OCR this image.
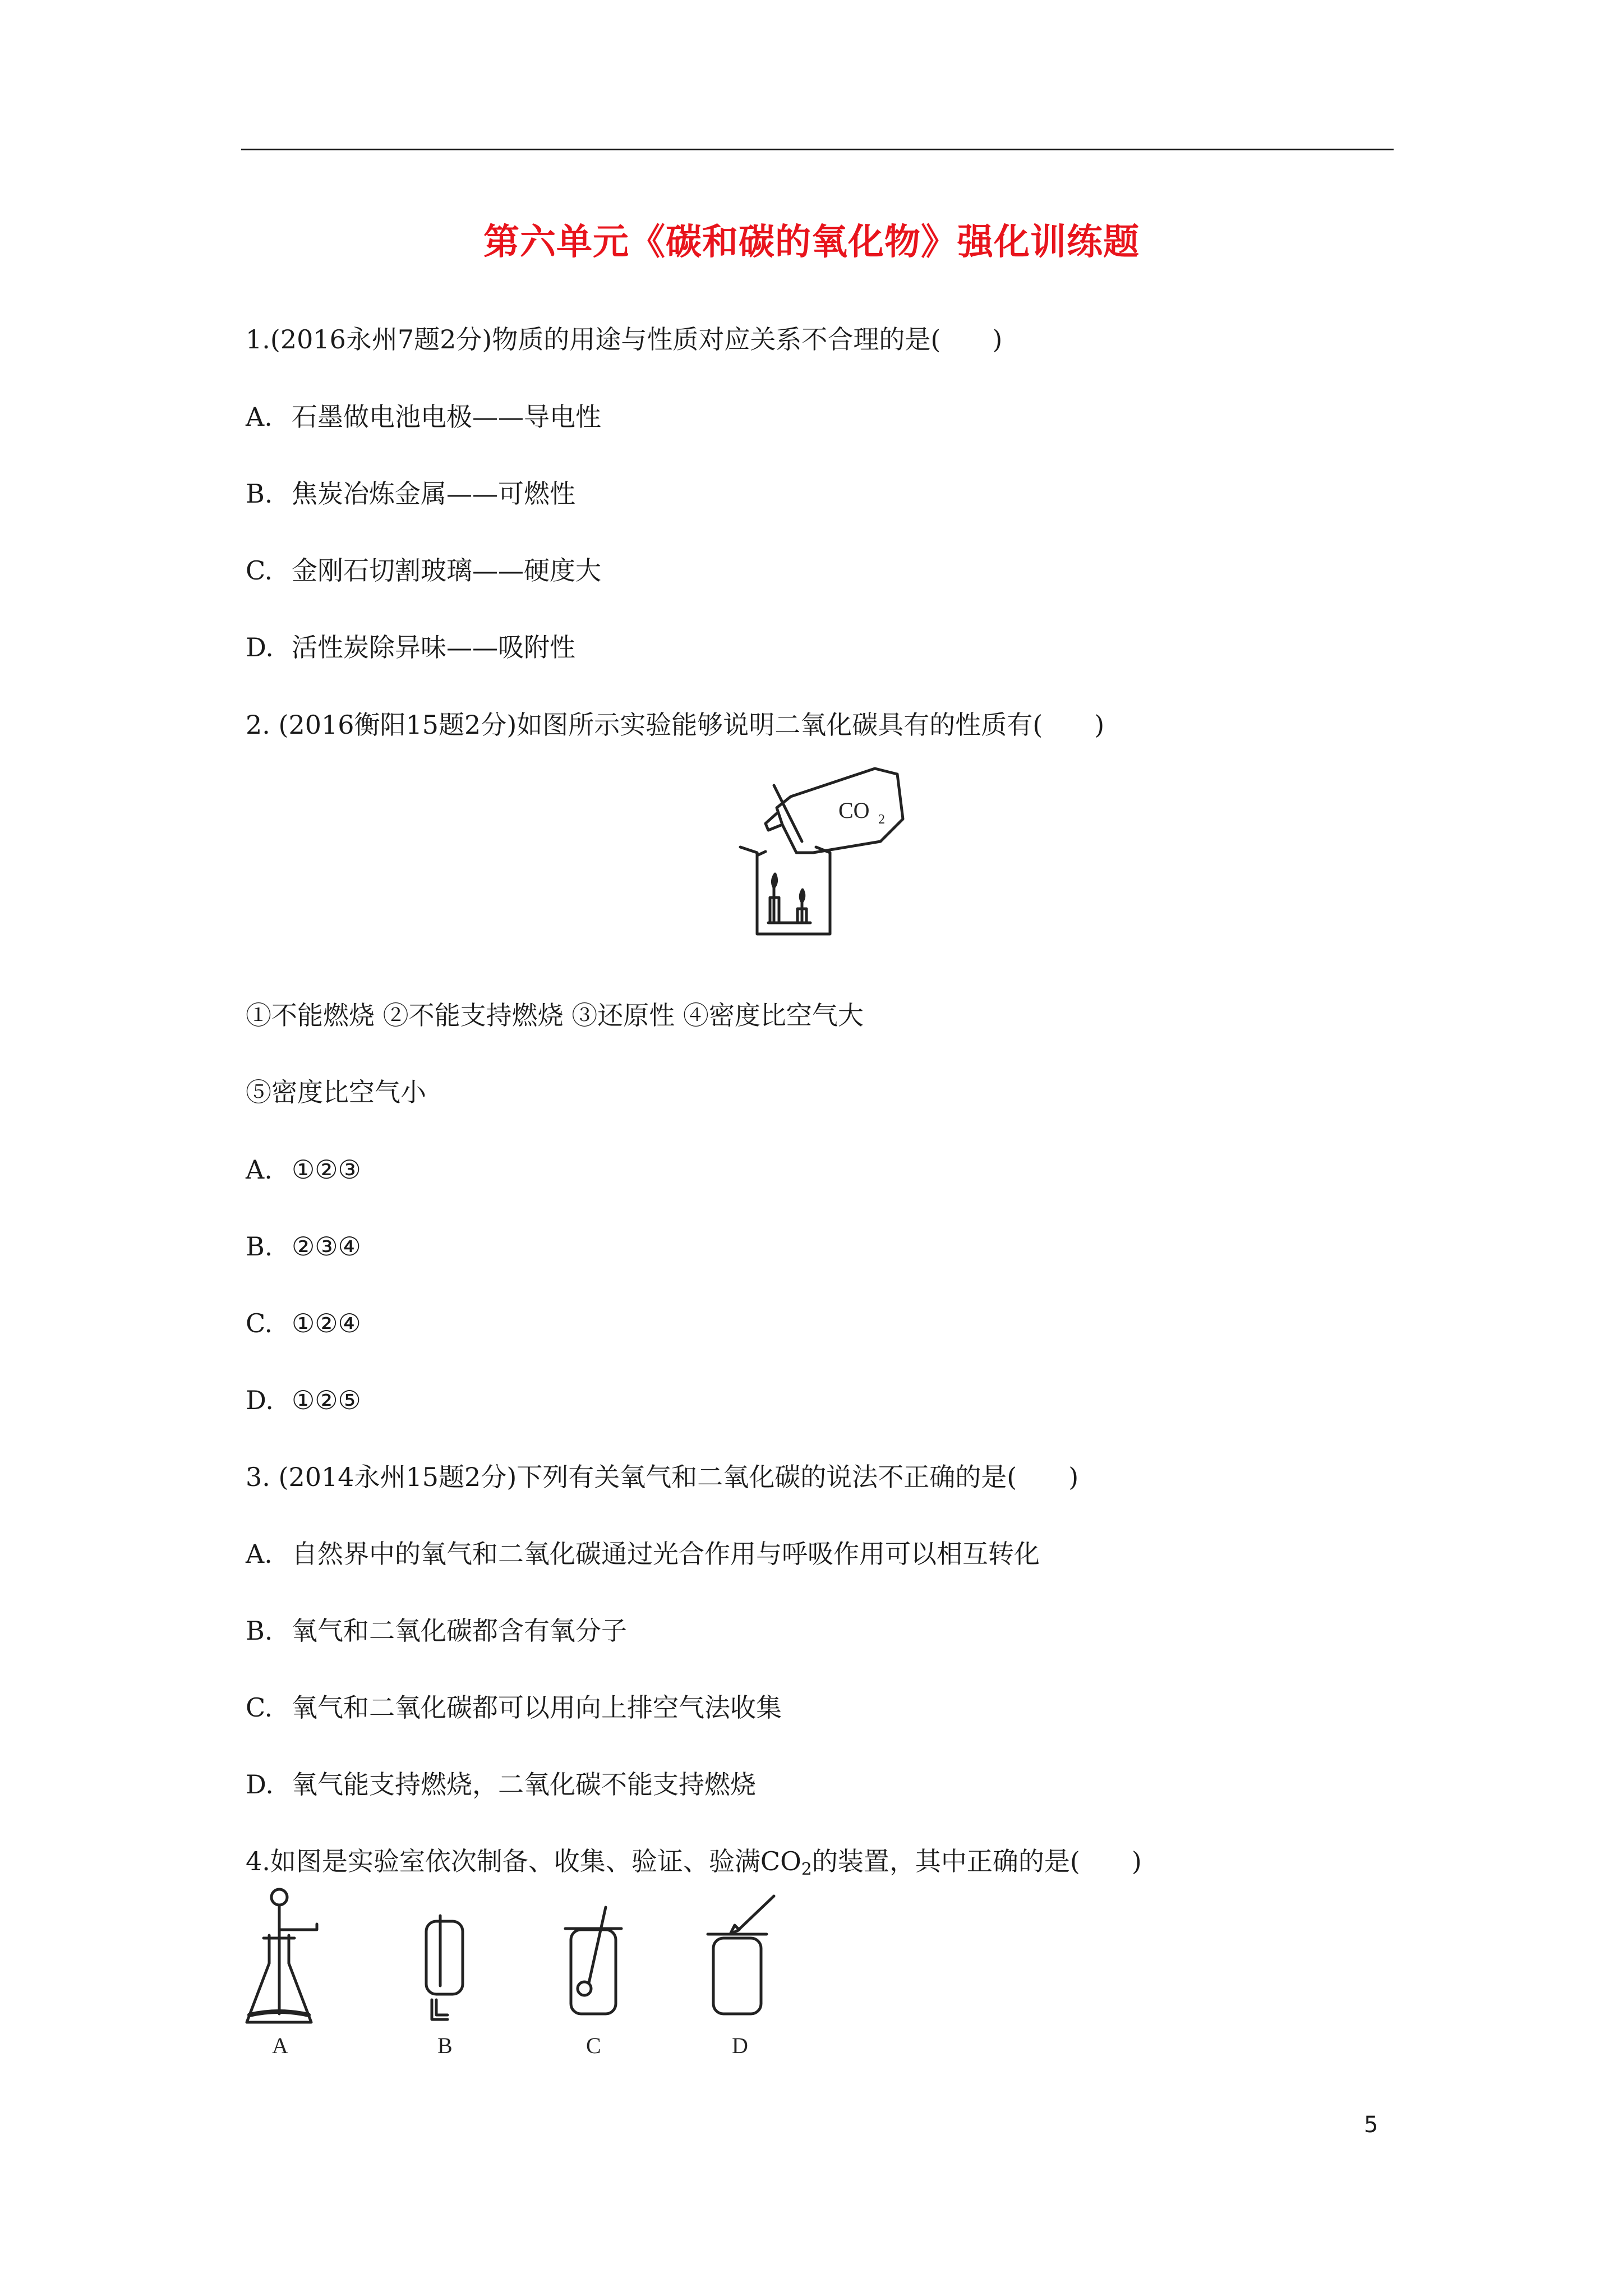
第六单元《碳和碳的氧化物》强化训练题
1.(2016永州7题2分)物质的用途与性质对应关系不合理的是(　　)
A. 石墨做电池电极——导电性
B. 焦炭冶炼金属——可燃性
C. 金刚石切割玻璃——硬度大
D. 活性炭除异味——吸附性
2. (2016衡阳15题2分)如图所示实验能够说明二氧化碳具有的性质有(　　)
CO 2
①不能燃烧 ②不能支持燃烧 ③还原性 ④密度比空气大
⑤密度比空气小
A. ①②③
B. ②③④
C. ①②④
D. ①②⑤
3. (2014永州15题2分)下列有关氧气和二氧化碳的说法不正确的是(　　)
A. 自然界中的氧气和二氧化碳通过光合作用与呼吸作用可以相互转化
B. 氧气和二氧化碳都含有氧分子
C. 氧气和二氧化碳都可以用向上排空气法收集
D. 氧气能支持燃烧，二氧化碳不能支持燃烧
4.如图是实验室依次制备、收集、验证、验满$CO_2$的装置，其中正确的是(　　)
A	B	C	D
5
